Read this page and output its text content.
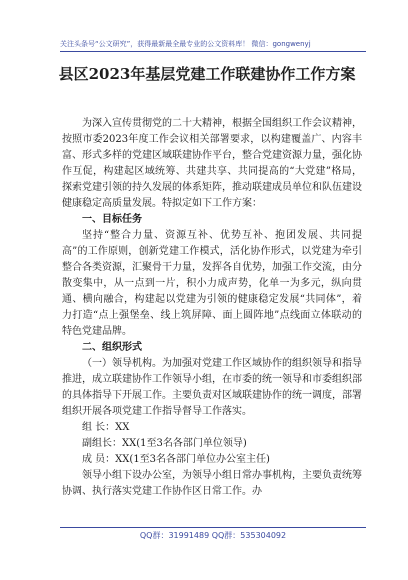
关注头条号“公文研究”，获得最新最全最专业的公文资料库！ 微信：gongwenyj
县区2023年基层党建工作联建协作工作方案

为深入宣传贯彻党的二十大精神，根据全国组织工作会议精神，按照市委2023年度工作会议相关部署要求，以构建覆盖广、内容丰富、形式多样的党建区域联建协作平台，整合党建资源力量，强化协作互促，构建起区域统筹、共建共享、共同提高的“大党建”格局，探索党建引领的持久发展的体系矩阵，推动联建成员单位和队伍建设健康稳定高质量发展。特拟定如下工作方案：

一、目标任务

坚持“整合力量、资源互补、优势互补、抱团发展、共同提高”的工作原则，创新党建工作模式，活化协作形式，以党建为牵引整合各类资源，汇聚骨干力量，发挥各自优势，加强工作交流，由分散变集中，从一点到一片，积小力成声势，化单一为多元，纵向贯通、横向融合，构建起以党建为引领的健康稳定发展“共同体”，着力打造“点上强堡垒、线上筑屏障、面上圆阵地”点线面立体联动的特色党建品牌。

二、组织形式

（一）领导机构。为加强对党建工作区域协作的组织领导和指导推进，成立联建协作工作领导小组，在市委的统一领导和市委组织部的具体指导下开展工作。主要负责对区域联建协作的统一调度，部署组织开展各项党建工作指导督导工作落实。

组 长：XX

副组长：XX(1至3名各部门单位领导)

成 员：XX(1至3名各部门单位办公室主任)

领导小组下设办公室，为领导小组日常办事机构，主要负责统筹协调、执行落实党建工作协作区日常工作。办

QQ群：31991489 QQ群：535304092
